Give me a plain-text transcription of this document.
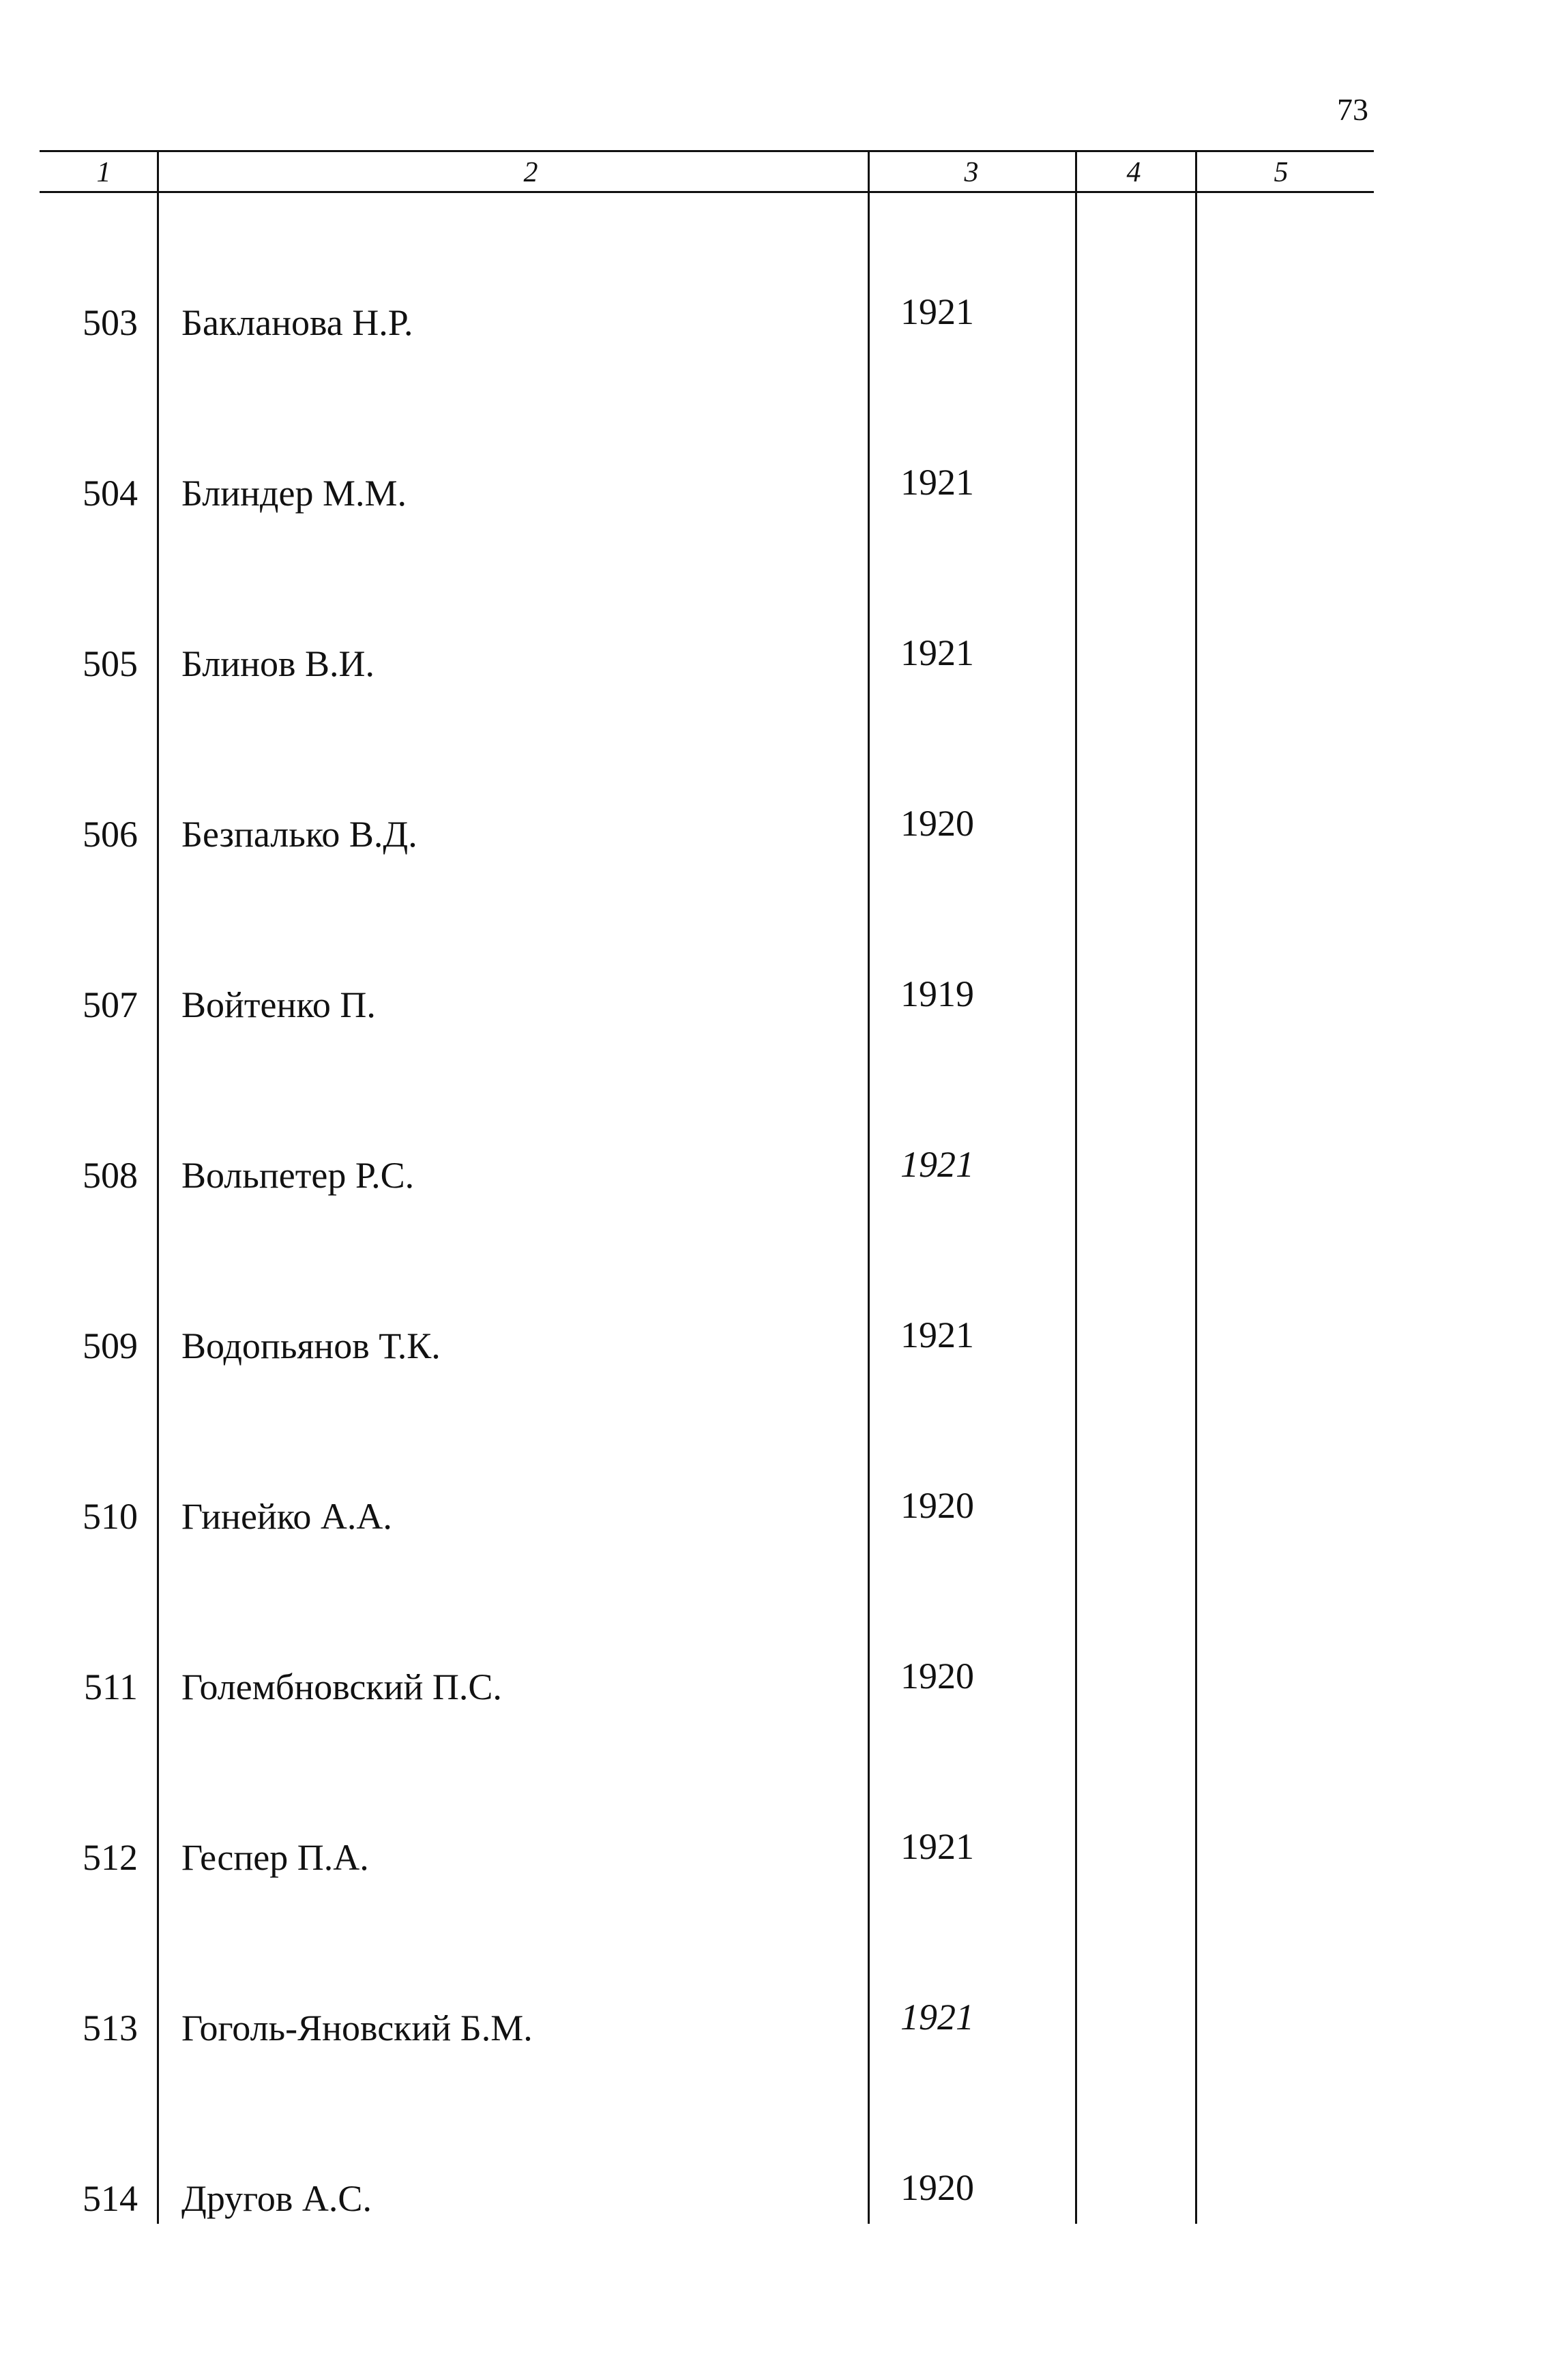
73
1	2	3	4	5
503 Бакланова Н.Р.	1921
504 Блиндер М.М.	1921
505 Блинов В.И.	1921
506 Безпалько В.Д.	1920
507 Войтенко П.	1919
508 Вольпетер Р.С.	1921
509 Водопьянов Т.К.	1921
510 Гинейко А.А.	1920
511 Голембновский П.С.	1920
512 Геспер П.А.	1921
513 Гоголь-Яновский Б.М.	1921
514 Другов А.С.	1920
